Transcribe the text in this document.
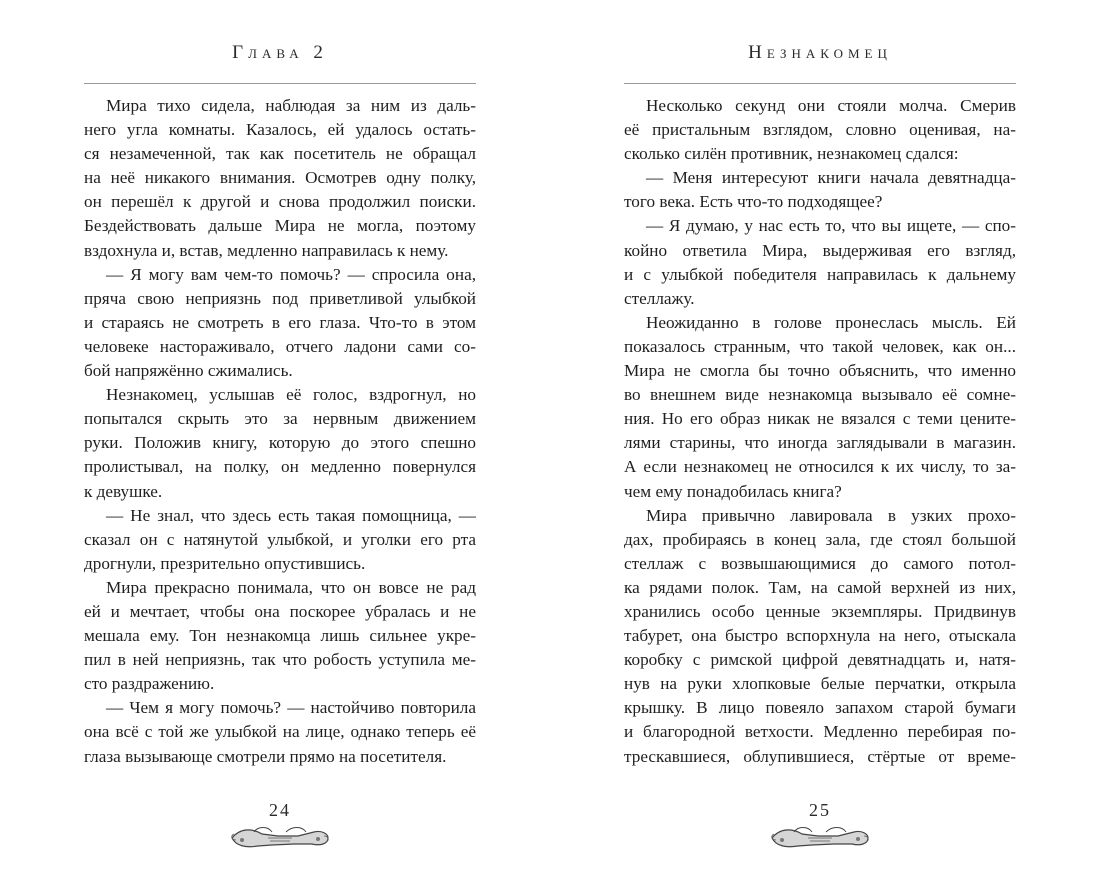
Глава 2

Мира тихо сидела, наблюдая за ним из даль-
него угла комнаты. Казалось, ей удалось остать-
ся незамеченной, так как посетитель не обращал
на неё никакого внимания. Осмотрев одну полку,
он перешёл к другой и снова продолжил поиски.
Бездействовать дальше Мира не могла, поэтому
вздохнула и, встав, медленно направилась к нему.

— Я могу вам чем-то помочь? — спросила она,
пряча свою неприязнь под приветливой улыбкой
и стараясь не смотреть в его глаза. Что-то в этом
человеке настораживало, отчего ладони сами со-
бой напряжённо сжимались.

Незнакомец, услышав её голос, вздрогнул, но
попытался скрыть это за нервным движением
руки. Положив книгу, которую до этого спешно
пролистывал, на полку, он медленно повернулся
к девушке.

— Не знал, что здесь есть такая помощница, —
сказал он с натянутой улыбкой, и уголки его рта
дрогнули, презрительно опустившись.

Мира прекрасно понимала, что он вовсе не рад
ей и мечтает, чтобы она поскорее убралась и не
мешала ему. Тон незнакомца лишь сильнее укре-
пил в ней неприязнь, так что робость уступила ме-
сто раздражению.

— Чем я могу помочь? — настойчиво повторила
она всё с той же улыбкой на лице, однако теперь её
глаза вызывающе смотрели прямо на посетителя.

24
Незнакомец

Несколько секунд они стояли молча. Смерив
её пристальным взглядом, словно оценивая, на-
сколько силён противник, незнакомец сдался:

— Меня интересуют книги начала девятнадца-
того века. Есть что-то подходящее?

— Я думаю, у нас есть то, что вы ищете, — спо-
койно ответила Мира, выдерживая его взгляд,
и с улыбкой победителя направилась к дальнему
стеллажу.

Неожиданно в голове пронеслась мысль. Ей
показалось странным, что такой человек, как он...
Мира не смогла бы точно объяснить, что именно
во внешнем виде незнакомца вызывало её сомне-
ния. Но его образ никак не вязался с теми цените-
лями старины, что иногда заглядывали в магазин.
А если незнакомец не относился к их числу, то за-
чем ему понадобилась книга?

Мира привычно лавировала в узких прохо-
дах, пробираясь в конец зала, где стоял большой
стеллаж с возвышающимися до самого потол-
ка рядами полок. Там, на самой верхней из них,
хранились особо ценные экземпляры. Придвинув
табурет, она быстро вспорхнула на него, отыскала
коробку с римской цифрой девятнадцать и, натя-
нув на руки хлопковые белые перчатки, открыла
крышку. В лицо повеяло запахом старой бумаги
и благородной ветхости. Медленно перебирая по-
трескавшиеся, облупившиеся, стёртые от време-

25
